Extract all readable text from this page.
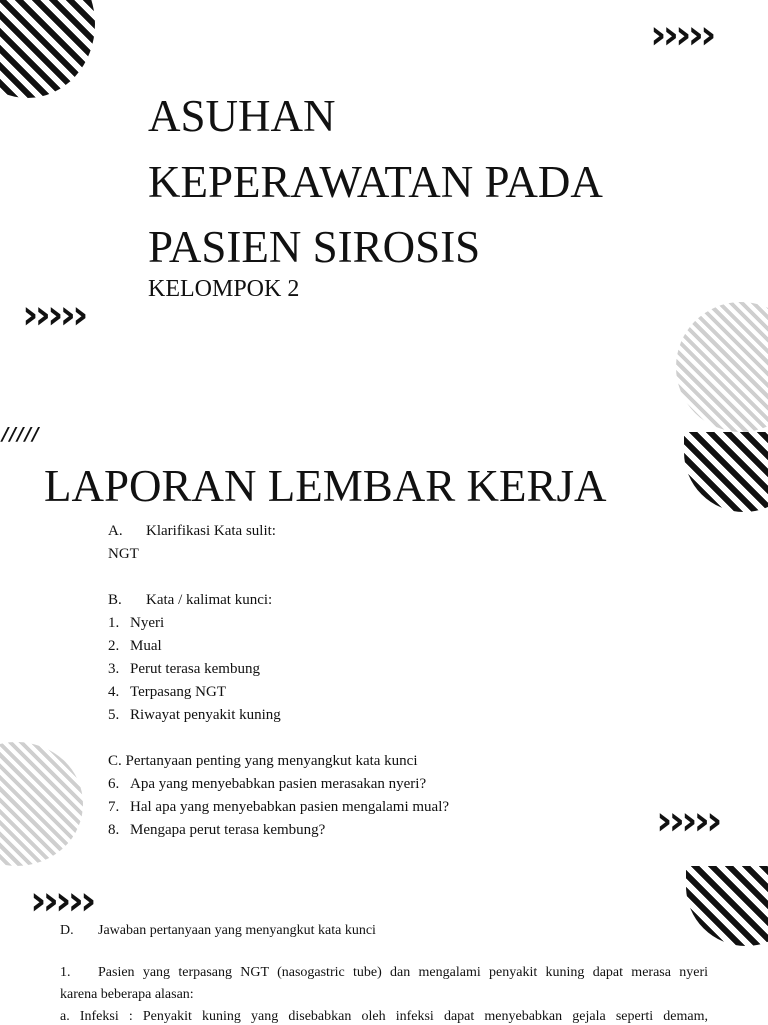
›››››
›››››
/////
›››››
›››››
ASUHAN
KEPERAWATAN PADA
PASIEN SIROSIS
KELOMPOK 2
LAPORAN LEMBAR KERJA
A. Klarifikasi Kata sulit:
NGT
B. Kata / kalimat kunci:
1. Nyeri
2. Mual
3. Perut terasa kembung
4. Terpasang NGT
5. Riwayat penyakit kuning
C. Pertanyaan penting yang menyangkut kata kunci
6. Apa yang menyebabkan pasien merasakan nyeri?
7. Hal apa yang menyebabkan pasien mengalami mual?
8. Mengapa perut terasa kembung?
D. Jawaban pertanyaan yang menyangkut kata kunci
1. Pasien yang terpasang NGT (nasogastric tube) dan mengalami penyakit kuning dapat merasa nyeri
karena beberapa alasan:
a. Infeksi : Penyakit kuning yang disebabkan oleh infeksi dapat menyebabkan gejala seperti demam,
